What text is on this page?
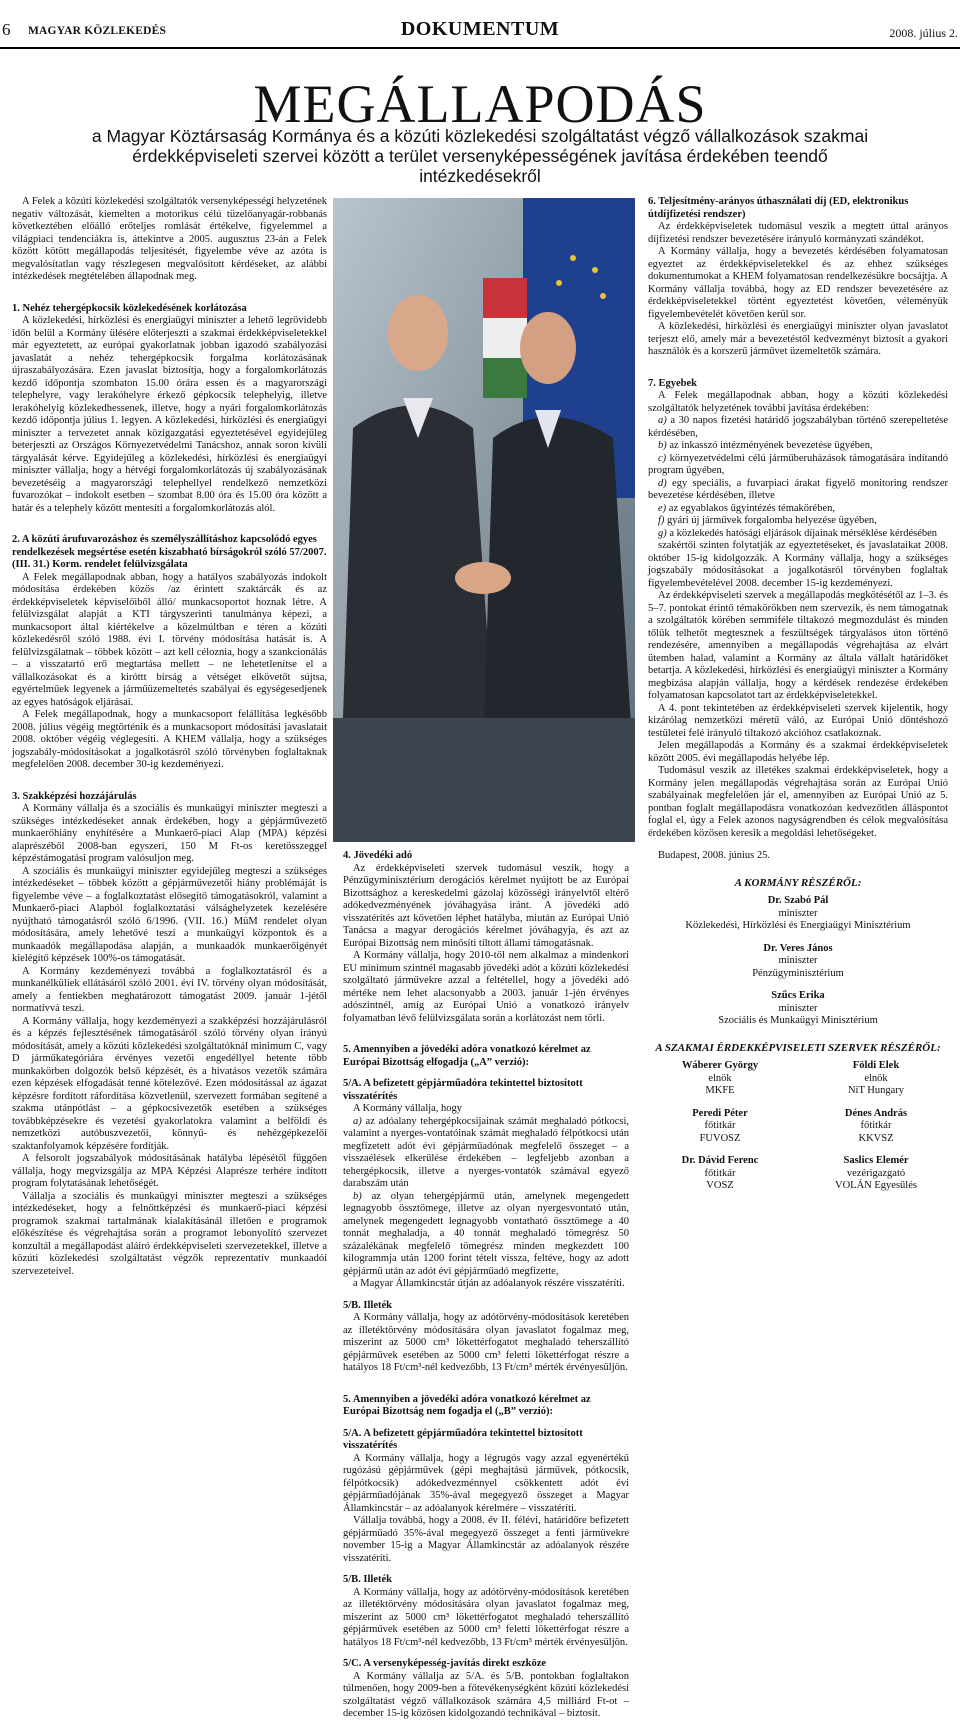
6 MAGYAR KÖZLEKEDÉS	DOKUMENTUM	2008. július 2.
MEGÁLLAPODÁS
a Magyar Köztársaság Kormánya és a közúti közlekedési szolgáltatást végző vállalkozások szakmai érdekképviseleti szervei között a terület versenyképességének javítása érdekében teendő intézkedésekről

A Felek a közúti közlekedési szolgáltatók versenyképességi helyzetének negatív változását, kiemelten a motorikus célú tüzelőanyagár-robbanás következtében előálló erőteljes romlását értékelve, figyelemmel a világpiaci tendenciákra is, áttekintve a 2005. augusztus 23-án a Felek között kötött megállapodás teljesítését, figyelembe véve az azóta is megvalósítatlan vagy részlegesen megvalósított kérdéseket, az alábbi intézkedések megtételében állapodnak meg.

1. Nehéz tehergépkocsik közlekedésének korlátozása

A közlekedési, hírközlési és energiaügyi miniszter a lehető legrövidebb időn belül a Kormány ülésére előterjeszti a szakmai érdekképviseletekkel már egyeztetett, az európai gyakorlatnak jobban igazodó szabályozási javaslatát a nehéz tehergépkocsik forgalma korlátozásának újraszabályozására. Ezen javaslat biztosítja, hogy a forgalomkorlátozás kezdő időpontja szombaton 15.00 órára essen és a magyarországi telephelyre, vagy lerakóhelyre érkező gépkocsik telephelyig, illetve lerakóhelyig közlekedhessenek, illetve, hogy a nyári forgalomkorlátozás kezdő időpontja július 1. legyen. A közlekedési, hírközlési és energiaügyi miniszter a tervezetet annak közigazgatási egyeztetésével egyidejűleg beterjeszti az Országos Környezetvédelmi Tanácshoz, annak soron kívüli tárgyalását kérve. Egyidejűleg a közlekedési, hírközlési és energiaügyi miniszter vállalja, hogy a hétvégi forgalomkorlátozás új szabályozásának bevezetéséig a magyarországi telephellyel rendelkező nemzetközi fuvarozókat – indokolt esetben – szombat 8.00 óra és 15.00 óra között a határ és a telephely között mentesíti a forgalomkorlátozás alól.

2. A közúti árufuvarozáshoz és személyszállításhoz kapcsolódó egyes rendelkezések megsértése esetén kiszabható bírságokról szóló 57/2007. (III. 31.) Korm. rendelet felülvizsgálata

A Felek megállapodnak abban, hogy a hatályos szabályozás indokolt módosítása érdekében közös /az érintett szaktárcák és az érdekképviseletek képviselőiből álló/ munkacsoportot hoznak létre. A felülvizsgálat alapját a KTI tárgyszerinti tanulmánya képezi, a munkacsoport által kiértékelve a közelmúltban e téren a közúti közlekedésről szóló 1988. évi I. törvény módosítása hatását is. A felülvizsgálatnak – többek között – azt kell céloznia, hogy a szankcionálás – a visszatartó erő megtartása mellett – ne lehetetlenítse el a vállalkozásokat és a kiróttt bírság a vétséget elkövetőt sújtsa, egyértelműek legyenek a járműüzemeltetés szabályai és egységesedjenek az egyes hatóságok eljárásai.

A Felek megállapodnak, hogy a munkacsoport felállítása legkésőbb 2008. július végéig megtörténik és a munkacsoport módosítási javaslatait 2008. október végéig véglegesíti. A KHEM vállalja, hogy a szükséges jogszabály-módosításokat a jogalkotásról szóló törvényben foglaltaknak megfelelően 2008. december 30-ig kezdeményezi.

3. Szakképzési hozzájárulás

A Kormány vállalja és a szociális és munkaügyi miniszter megteszi a szükséges intézkedéseket annak érdekében, hogy a gépjárművezető munkaerőhiány enyhítésére a Munkaerő-piaci Alap (MPA) képzési alaprészéből 2008-ban egyszeri, 150 M Ft-os keretösszeggel képzéstámogatási program valósuljon meg.

A szociális és munkaügyi miniszter egyidejűleg megteszi a szükséges intézkedéseket – többek között a gépjárművezetői hiány problémáját is figyelembe véve – a foglalkoztatást elősegítő támogatásokról, valamint a Munkaerő-piaci Alapból foglalkoztatási válsághelyzetek kezelésére nyújtható támogatásról szóló 6/1996. (VII. 16.) MüM rendelet olyan módosítására, amely lehetővé teszi a munkaügyi központok és a munkaadók megállapodása alapján, a munkaadók munkaerőigényét kielégítő képzések 100%-os támogatását.

A Kormány kezdeményezi továbbá a foglalkoztatásról és a munkanélküliek ellátásáról szóló 2001. évi IV. törvény olyan módosítását, amely a fentiekben meghatározott támogatást 2009. január 1-jétől normatívvá teszi.

A Kormány vállalja, hogy kezdeményezi a szakképzési hozzájárulásról és a képzés fejlesztésének támogatásáról szóló törvény olyan irányú módosítását, amely a közúti közlekedési szolgáltatóknál minimum C, vagy D járműkategóriára érvényes vezetői engedéllyel hetente több munkakörben dolgozók belső képzését, és a hivatásos vezetők számára ezen képzések elfogadását tenné kötelezővé. Ezen módosítással az ágazat képzésre fordított ráfordítása közvetlenül, szervezett formában segítené a szakma utánpótlást – a gépkocsivezetők esetében a szükséges továbbképzésekre és vezetési gyakorlatokra valamint a belföldi és nemzetközi autóbuszvezetői, könnyű- és nehézgépkezelői szaktanfolyamok képzésére fordítják.

A felsorolt jogszabályok módosításának hatályba lépésétől függően vállalja, hogy megvizsgálja az MPA Képzési Alaprésze terhére indított program folytatásának lehetőségét.

Vállalja a szociális és munkaügyi miniszter megteszi a szükséges intézkedéseket, hogy a felnőttképzési és munkaerő-piaci képzési programok szakmai tartalmának kialakításánál illetően e programok előkészítése és végrehajtása során a programot lebonyolító szervezet konzultál a megállapodást aláíró érdekképviseleti szervezetekkel, illetve a közúti közlekedési szolgáltatást végzők reprezentatív munkaadói szervezeteivel.

4. Jövedéki adó

Az érdekképviseleti szervek tudomásul veszik, hogy a Pénzügyminisztérium derogációs kérelmet nyújtott be az Európai Bizottsághoz a kereskedelmi gázolaj közösségi irányelvtől eltérő adókedvezményének jóváhagyása iránt. A jövedéki adó visszatérítés azt követően léphet hatályba, miután az Európai Unió Tanácsa a magyar derogációs kérelmet jóváhagyja, és azt az Európai Bizottság nem minősíti tiltott állami támogatásnak.

A Kormány vállalja, hogy 2010-től nem alkalmaz a mindenkori EU minimum szintnél magasabb jövedéki adót a közúti közlekedési szolgáltató járművekre azzal a feltétellel, hogy a jövedéki adó mértéke nem lehet alacsonyabb a 2003. január 1-jén érvényes adószintnél, amíg az Európai Unió a vonatkozó irányelv folyamatban lévő felülvizsgálata során a korlátozást nem törli.

5. Amennyiben a jövedéki adóra vonatkozó kérelmet az Európai Bizottság elfogadja („A” verzió):
5/A. A befizetett gépjárműadóra tekintettel biztosított visszatérítés

A Kormány vállalja, hogy

a) az adóalany tehergépkocsijainak számát meghaladó pótkocsi, valamint a nyerges-vontatóinak számát meghaladó félpótkocsi után megfizetett adót évi gépjárműadónak megfelelő összeget – a visszaélések elkerülése érdekében – legfeljebb azonban a tehergépkocsik, illetve a nyerges-vontatók számával egyező darabszám után

b) az olyan tehergépjármű után, amelynek megengedett legnagyobb össztömege, illetve az olyan nyergesvontató után, amelynek megengedett legnagyobb vontatható össztömege a 40 tonnát meghaladja, a 40 tonnát meghaladó tömegrész 50 százalékának megfelelő tömegrész minden megkezdett 100 kilogrammja után 1200 forint tételt vissza, feltéve, hogy az adott gépjármű után az adót évi gépjárműadó megfizette,

a Magyar Államkincstár útján az adóalanyok részére visszatéríti.

5/B. Illeték

A Kormány vállalja, hogy az adótörvény-módosítások keretében az illetéktörvény módosítására olyan javaslatot fogalmaz meg, miszerint az 5000 cm³ lökettérfogatot meghaladó teherszállító gépjárművek esetében az 5000 cm³ feletti lökettérfogat részre a hatályos 18 Ft/cm³-nél kedvezőbb, 13 Ft/cm³ mérték érvényesüljön.

5. Amennyiben a jövedéki adóra vonatkozó kérelmet az Európai Bizottság nem fogadja el („B” verzió):
5/A. A befizetett gépjárműadóra tekintettel biztosított visszatérítés

A Kormány vállalja, hogy a légrugós vagy azzal egyenértékű rugózású gépjárművek (gépi meghajtású járművek, pótkocsik, félpótkocsik) adókedvezménnyel csökkentett adót évi gépjárműadójának 35%-ával megegyező összeget a Magyar Államkincstár – az adóalanyok kérelmére – visszatéríti.

Vállalja továbbá, hogy a 2008. év II. félévi, határidőre befizetett gépjárműadó 35%-ával megegyező összeget a fenti járművekre november 15-ig a Magyar Államkincstár az adóalanyok részére visszatéríti.

5/B. Illeték

A Kormány vállalja, hogy az adótörvény-módosítások keretében az illetéktörvény módosítására olyan javaslatot fogalmaz meg, miszerint az 5000 cm³ lökettérfogatot meghaladó teherszállító gépjárművek esetében az 5000 cm³ feletti lökettérfogat részre a hatályos 18 Ft/cm³-nél kedvezőbb, 13 Ft/cm³ mérték érvényesüljön.

5/C. A versenyképesség-javítás direkt eszköze

A Kormány vállalja az 5/A. és 5/B. pontokban foglaltakon túlmenően, hogy 2009-ben a főtevékenységként közúti közlekedési szolgáltatást végző vállalkozások számára 4,5 milliárd Ft-ot – december 15-ig közösen kidolgozandó technikával – biztosít.

6. Teljesítmény-arányos úthasználati díj (ED, elektronikus útdíjfizetési rendszer)

Az érdekképviseletek tudomásul veszik a megtett úttal arányos díjfizetési rendszer bevezetésére irányuló kormányzati szándékot.

A Kormány vállalja, hogy a bevezetés kérdésében folyamatosan egyeztet az érdekképviseletekkel és az ehhez szükséges dokumentumokat a KHEM folyamatosan rendelkezésükre bocsájtja. A Kormány vállalja továbbá, hogy az ED rendszer bevezetésére az érdekképviseletekkel történt egyeztetést követően, véleményük figyelembevételét követően kerül sor.

A közlekedési, hírközlési és energiaügyi miniszter olyan javaslatot terjeszt elő, amely már a bevezetéstől kedvezményt biztosít a gyakori használók és a korszerű járművet üzemeltetők számára.

7. Egyebek

A Felek megállapodnak abban, hogy a közúti közlekedési szolgáltatók helyzetének további javítása érdekében:

a) a 30 napos fizetési határidő jogszabályban történő szerepeltetése kérdésében,

b) az inkasszó intézményének bevezetése ügyében,

c) környezetvédelmi célú járműberuházások támogatására indítandó program ügyében,

d) egy speciális, a fuvarpiaci árakat figyelő monitoring rendszer bevezetése kérdésében, illetve

e) az egyablakos ügyintézés témakörében,

f) gyári új járművek forgalomba helyezése ügyében,

g) a közlekedés hatósági eljárások díjainak mérséklése kérdésében

szakértői szinten folytatják az egyeztetéseket, és javaslataikat 2008. október 15-ig kidolgozzák. A Kormány vállalja, hogy a szükséges jogszabály módosításokat a jogalkotásról törvényben foglaltak figyelembevételével 2008. december 15-ig kezdeményezi.

Az érdekképviseleti szervek a megállapodás megkötésétől az 1–3. és 5–7. pontokat érintő témakörökben nem szervezik, és nem támogatnak a szolgáltatók körében semmiféle tiltakozó megmozdulást és minden tőlük telhetőt megtesznek a feszültségek tárgyalásos úton történő rendezésére, amennyiben a megállapodás végrehajtása az elvárt ütemben halad, valamint a Kormány az általa vállalt határidőket betartja. A közlekedési, hírközlési és energiaügyi miniszter a Kormány megbízása alapján vállalja, hogy a kérdések rendezése érdekében folyamatosan kapcsolatot tart az érdekképviseletekkel.

A 4. pont tekintetében az érdekképviseleti szervek kijelentik, hogy kizárólag nemzetközi méretű váló, az Európai Unió döntéshozó testületei felé irányuló tiltakozó akcióhoz csatlakoznak.

Jelen megállapodás a Kormány és a szakmai érdekképviseletek között 2005. évi megállapodás helyébe lép.

Tudomásul veszik az illetékes szakmai érdekképviseletek, hogy a Kormány jelen megállapodás végrehajtása során az Európai Unió szabályainak megfelelően jár el, amennyiben az Európai Unió az 5. pontban foglalt megállapodásra vonatkozóan kedvezőtlen álláspontot foglal el, úgy a Felek azonos nagyságrendben és célok megvalósítása érdekében közösen keresik a megoldási lehetőségeket.

Budapest, 2008. június 25.

A KORMÁNY RÉSZÉRŐL:
Dr. Szabó Pál
miniszter
Közlekedési, Hírközlési és Energiaügyi Minisztérium
Dr. Veres János
miniszter
Pénzügyminisztérium
Szűcs Erika
miniszter
Szociális és Munkaügyi Minisztérium
A SZAKMAI ÉRDEKKÉPVISELETI SZERVEK RÉSZÉRŐL:
Wáberer György
elnök
MKFE
Földi Elek
elnök
NiT Hungary
Peredi Péter
főtitkár
FUVOSZ
Dénes András
főtitkár
KKVSZ
Dr. Dávid Ferenc
főtitkár
VOSZ
Saslics Elemér
vezérigazgató
VOLÁN Egyesülés
